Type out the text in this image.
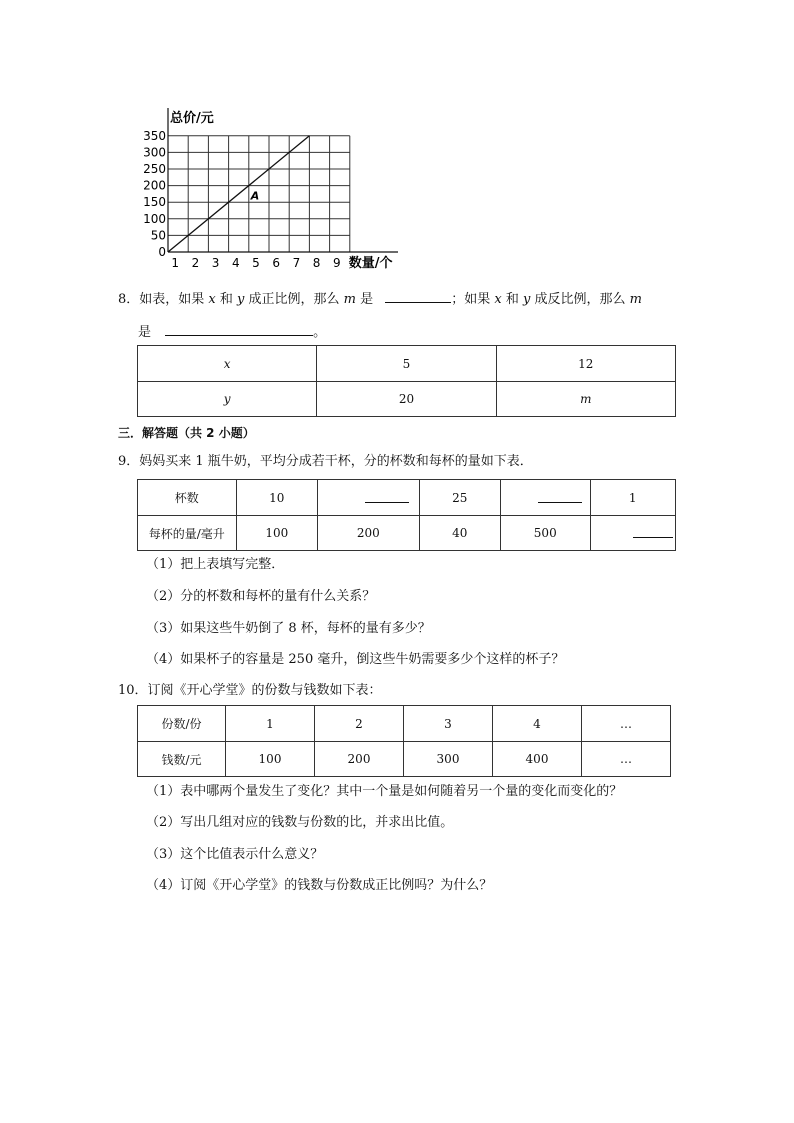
0
50
100
150
200
250
300
350
1 2 3 4 5 6 7 8 9
总价/元
数量/个
A
8．如表，如果 x 和 y 成正比例，那么 m 是	；如果 x 和 y 成反比例，那么 m
是	。
x	5	12
y	20	m
三．解答题（共 2 小题）
9．妈妈买来 1 瓶牛奶，平均分成若干杯，分的杯数和每杯的量如下表．
杯数	10		25		1
每杯的量/毫升	100	200	40	500	
（1）把上表填写完整．
（2）分的杯数和每杯的量有什么关系？
（3）如果这些牛奶倒了 8 杯，每杯的量有多少？
（4）如果杯子的容量是 250 毫升，倒这些牛奶需要多少个这样的杯子？
10．订阅《开心学堂》的份数与钱数如下表：
份数/份	1	2	3	4	…
钱数/元	100	200	300	400	…
（1）表中哪两个量发生了变化？其中一个量是如何随着另一个量的变化而变化的？
（2）写出几组对应的钱数与份数的比，并求出比值。
（3）这个比值表示什么意义？
（4）订阅《开心学堂》的钱数与份数成正比例吗？为什么？
